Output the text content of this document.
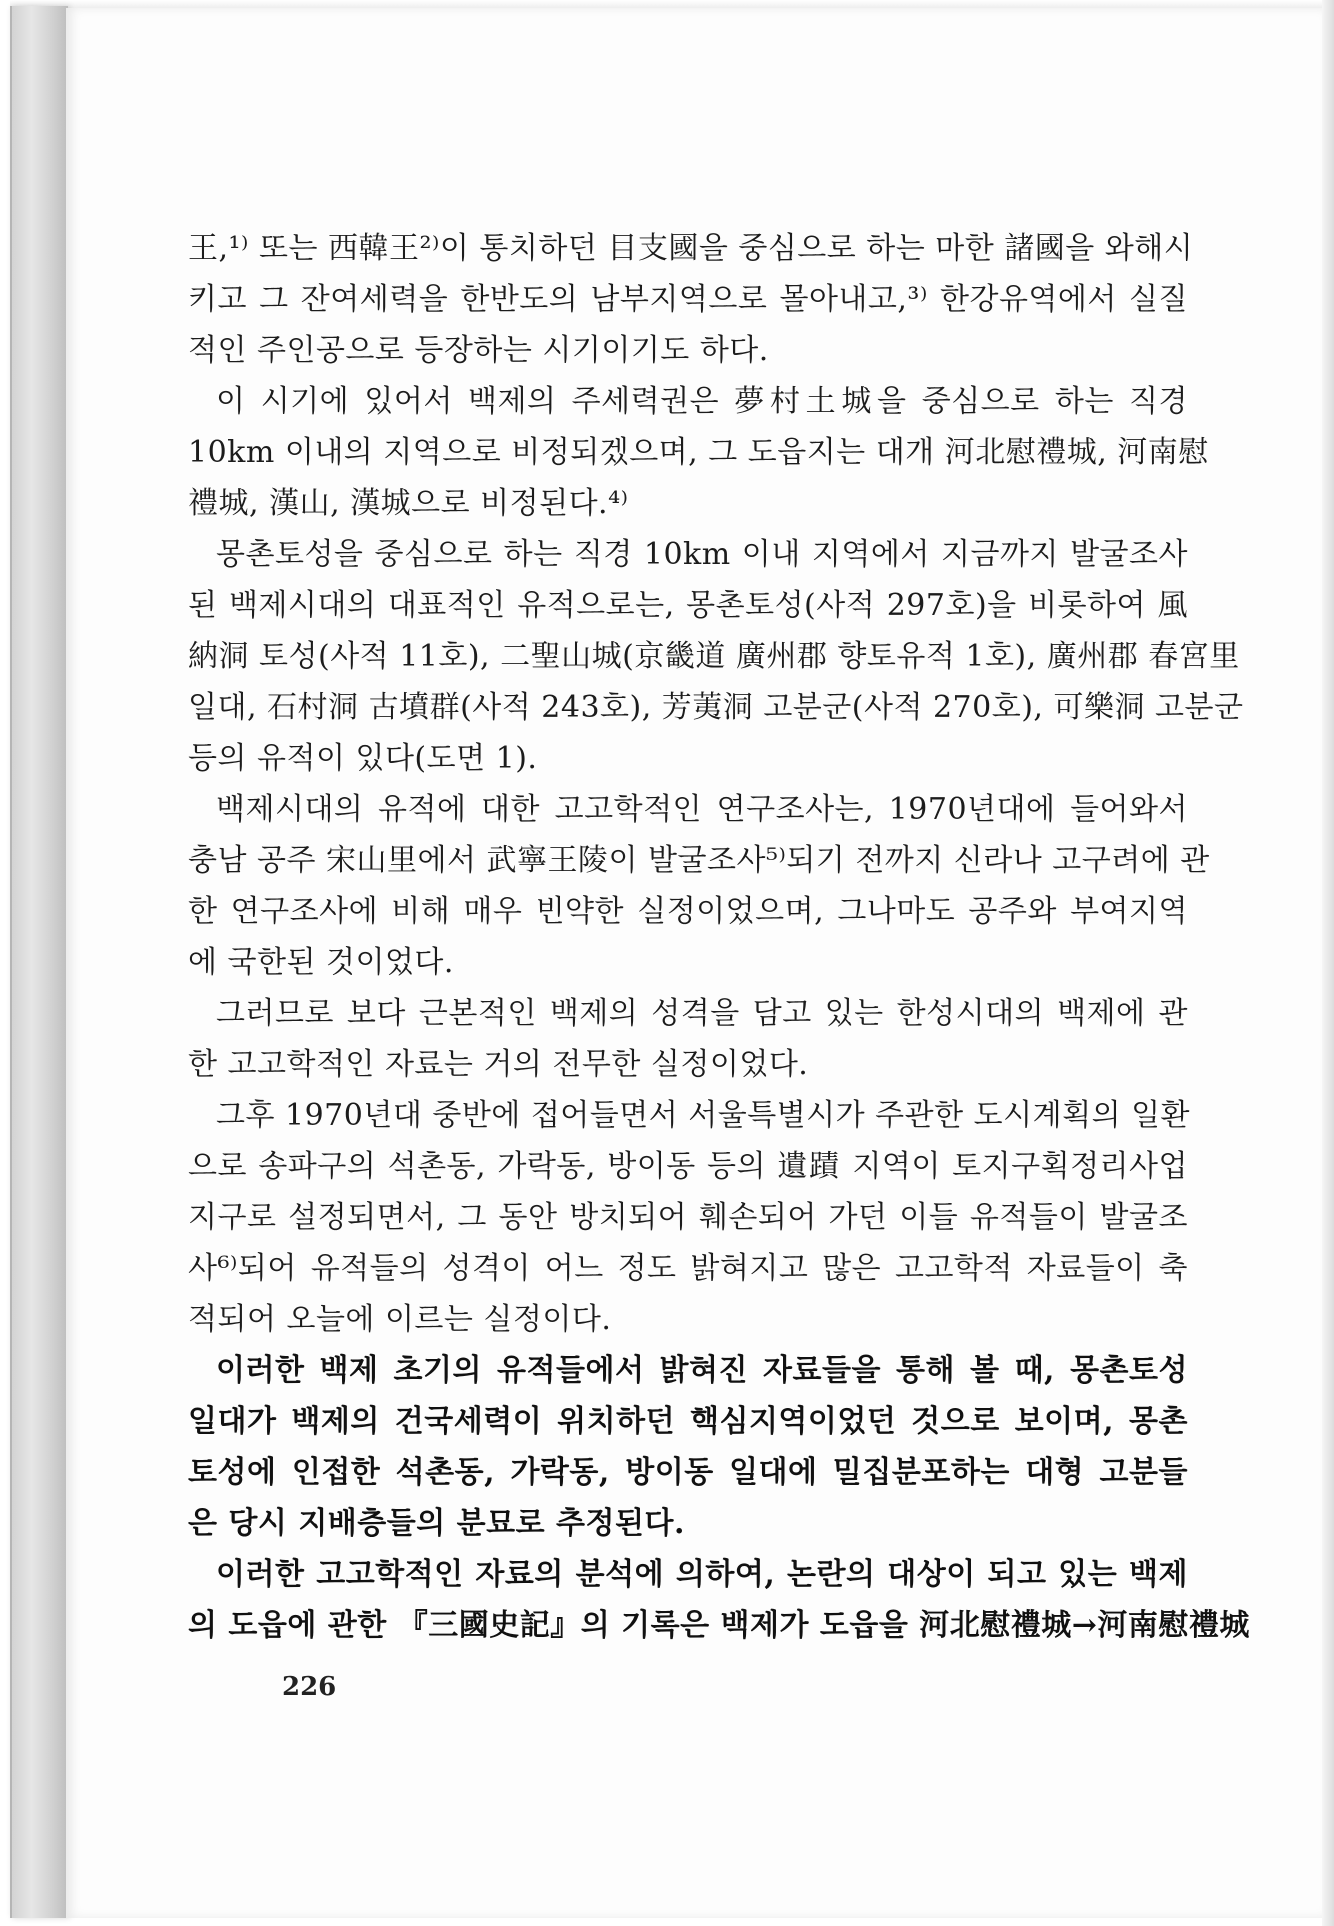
王,¹⁾ 또는 西韓王²⁾이 통치하던 目支國을 중심으로 하는 마한 諸國을 와해시
키고 그 잔여세력을 한반도의 남부지역으로 몰아내고,³⁾ 한강유역에서 실질
적인 주인공으로 등장하는 시기이기도 하다.
이 시기에 있어서 백제의 주세력권은 夢村土城을 중심으로 하는 직경
10km 이내의 지역으로 비정되겠으며, 그 도읍지는 대개 河北慰禮城, 河南慰
禮城, 漢山, 漢城으로 비정된다.⁴⁾
몽촌토성을 중심으로 하는 직경 10km 이내 지역에서 지금까지 발굴조사
된 백제시대의 대표적인 유적으로는, 몽촌토성(사적 297호)을 비롯하여 風
納洞 토성(사적 11호), 二聖山城(京畿道 廣州郡 향토유적 1호), 廣州郡 春宮里
일대, 石村洞 古墳群(사적 243호), 芳荑洞 고분군(사적 270호), 可樂洞 고분군
등의 유적이 있다(도면 1).
백제시대의 유적에 대한 고고학적인 연구조사는, 1970년대에 들어와서
충남 공주 宋山里에서 武寧王陵이 발굴조사⁵⁾되기 전까지 신라나 고구려에 관
한 연구조사에 비해 매우 빈약한 실정이었으며, 그나마도 공주와 부여지역
에 국한된 것이었다.
그러므로 보다 근본적인 백제의 성격을 담고 있는 한성시대의 백제에 관
한 고고학적인 자료는 거의 전무한 실정이었다.
그후 1970년대 중반에 접어들면서 서울특별시가 주관한 도시계획의 일환
으로 송파구의 석촌동, 가락동, 방이동 등의 遺蹟 지역이 토지구획정리사업
지구로 설정되면서, 그 동안 방치되어 훼손되어 가던 이들 유적들이 발굴조
사⁶⁾되어 유적들의 성격이 어느 정도 밝혀지고 많은 고고학적 자료들이 축
적되어 오늘에 이르는 실정이다.
이러한 백제 초기의 유적들에서 밝혀진 자료들을 통해 볼 때, 몽촌토성
일대가 백제의 건국세력이 위치하던 핵심지역이었던 것으로 보이며, 몽촌
토성에 인접한 석촌동, 가락동, 방이동 일대에 밀집분포하는 대형 고분들
은 당시 지배층들의 분묘로 추정된다.
이러한 고고학적인 자료의 분석에 의하여, 논란의 대상이 되고 있는 백제
의 도읍에 관한 『三國史記』의 기록은 백제가 도읍을 河北慰禮城→河南慰禮城
226
